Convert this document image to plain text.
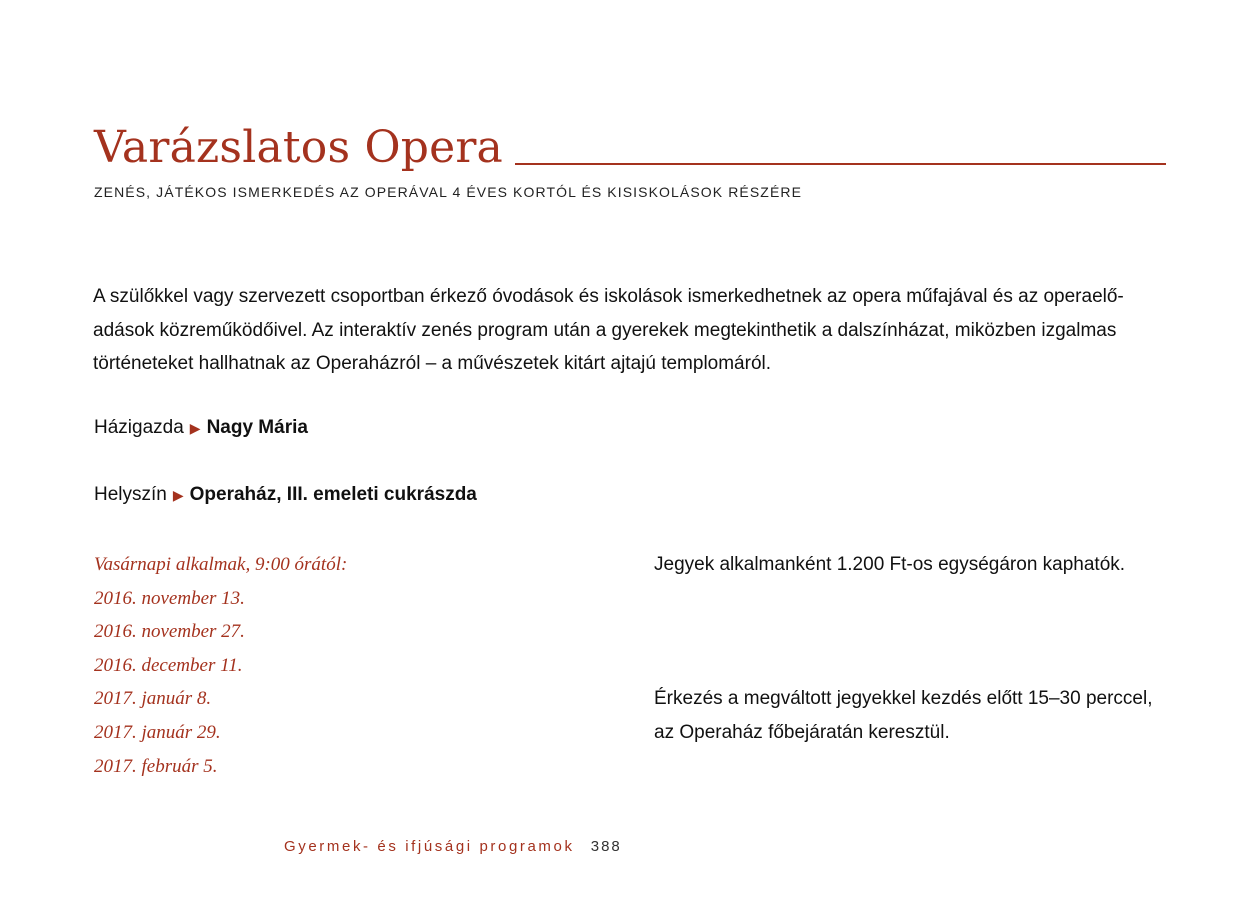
Varázslatos Opera
ZENÉS, JÁTÉKOS ISMERKEDÉS AZ OPERÁVAL 4 ÉVES KORTÓL ÉS KISISKOLÁSOK RÉSZÉRE

A szülőkkel vagy szervezett csoportban érkező óvodások és iskolások ismerkedhetnek az opera műfajával és az operaelő-adások közreműködőivel. Az interaktív zenés program után a gyerekek megtekinthetik a dalszínházat, miközben izgalmas történeteket hallhatnak az Operaházról – a művészetek kitárt ajtajú templomáról.

Házigazda ▶ Nagy Mária
Helyszín ▶ Operaház, III. emeleti cukrászda
Vasárnapi alkalmak, 9:00 órától:
2016. november 13.
2016. november 27.
2016. december 11.
2017. január 8.
2017. január 29.
2017. február 5.

Jegyek alkalmanként 1.200 Ft-os egységáron kaphatók.

Érkezés a megváltott jegyekkel kezdés előtt 15–30 perccel, az Operaház főbejáratán keresztül.

Gyermek- és ifjúsági programok 388
